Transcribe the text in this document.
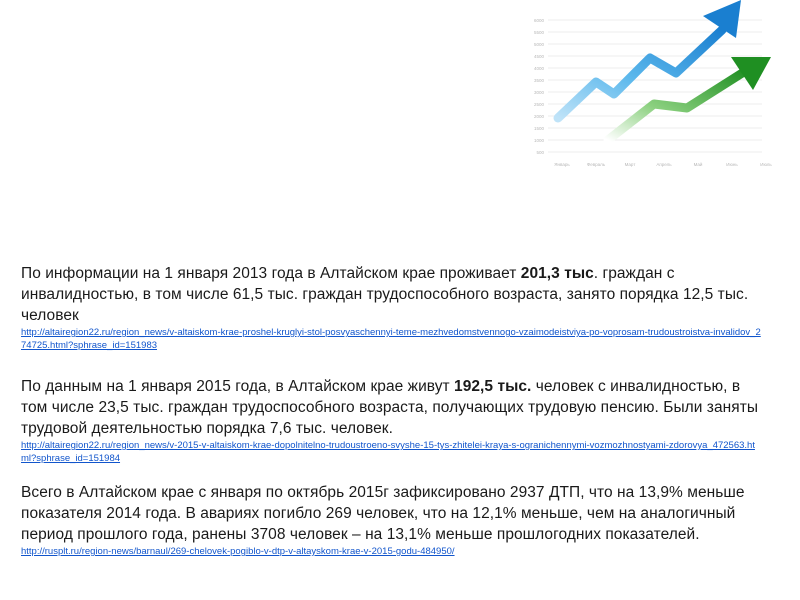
6000
5500
5000
4500
4000
3500
3000
2500
2000
1500
1000
500
Январь	Февраль	Март	Апрель	Май	Июнь	Июль
По информации на 1 января 2013 года в Алтайском крае проживает 201,3 тыс. граждан с инвалидностью, в том числе 61,5 тыс. граждан трудоспособного возраста, занято порядка 12,5 тыс. человек
http://altairegion22.ru/region_news/v-altaiskom-krae-proshel-kruglyi-stol-posvyaschennyi-teme-mezhvedomstvennogo-vzaimodeistviya-po-voprosam-trudoustroistva-invalidov_274725.html?sphrase_id=151983
По данным на 1 января 2015 года, в Алтайском крае живут 192,5 тыс. человек с инвалидностью, в том числе 23,5 тыс. граждан трудоспособного возраста, получающих трудовую пенсию. Были заняты трудовой деятельностью порядка 7,6 тыс. человек.
http://altairegion22.ru/region_news/v-2015-v-altaiskom-krae-dopolnitelno-trudoustroeno-svyshe-15-tys-zhitelei-kraya-s-ogranichennymi-vozmozhnostyami-zdorovya_472563.html?sphrase_id=151984
Всего в Алтайском крае с января по октябрь 2015г зафиксировано 2937 ДТП, что на 13,9% меньше показателя 2014 года. В авариях погибло 269 человек, что на 12,1% меньше, чем на аналогичный период прошлого года, ранены 3708 человек – на 13,1% меньше прошлогодних показателей.
http://rusplt.ru/region-news/barnaul/269-chelovek-pogiblo-v-dtp-v-altayskom-krae-v-2015-godu-484950/
